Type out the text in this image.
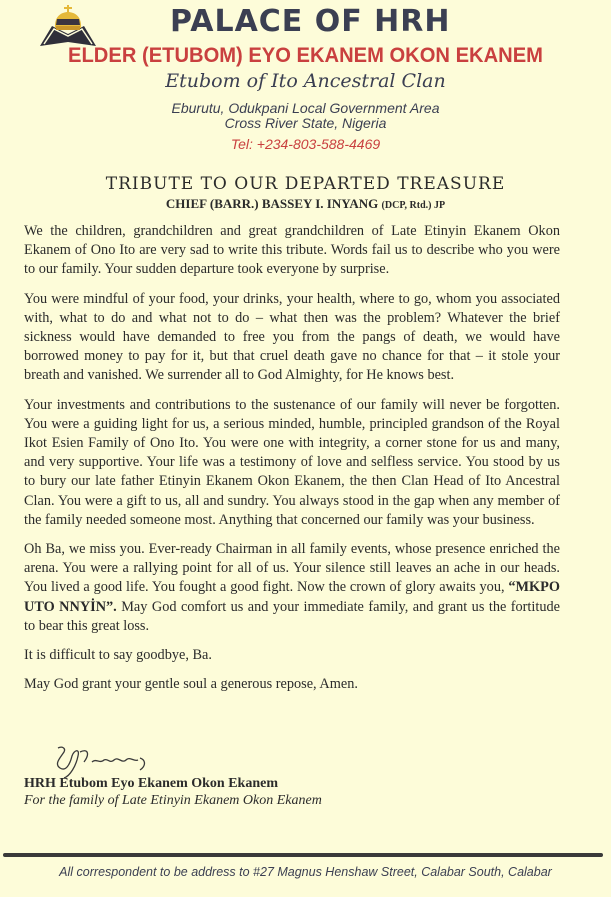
PALACE OF HRH
ELDER (ETUBOM) EYO EKANEM OKON EKANEM
Etubom of Ito Ancestral Clan
Eburutu, Odukpani Local Government Area
Cross River State, Nigeria
Tel: +234-803-588-4469
TRIBUTE TO OUR DEPARTED TREASURE
CHIEF (BARR.) BASSEY I. INYANG (DCP, Rtd.) JP

We the children, grandchildren and great grandchildren of Late Etinyin Ekanem Okon Ekanem of Ono Ito are very sad to write this tribute. Words fail us to describe who you were to our family. Your sudden departure took everyone by surprise.

You were mindful of your food, your drinks, your health, where to go, whom you associated with, what to do and what not to do – what then was the problem? Whatever the brief sickness would have demanded to free you from the pangs of death, we would have borrowed money to pay for it, but that cruel death gave no chance for that – it stole your breath and vanished. We surrender all to God Almighty, for He knows best.

Your investments and contributions to the sustenance of our family will never be forgotten. You were a guiding light for us, a serious minded, humble, principled grandson of the Royal Ikot Esien Family of Ono Ito. You were one with integrity, a corner stone for us and many, and very supportive. Your life was a testimony of love and selfless service. You stood by us to bury our late father Etinyin Ekanem Okon Ekanem, the then Clan Head of Ito Ancestral Clan. You were a gift to us, all and sundry. You always stood in the gap when any member of the family needed someone most. Anything that concerned our family was your business.

Oh Ba, we miss you. Ever-ready Chairman in all family events, whose presence enriched the arena. You were a rallying point for all of us. Your silence still leaves an ache in our heads. You lived a good life. You fought a good fight. Now the crown of glory awaits you, “MKPO UTO NNYİN”. May God comfort us and your immediate family, and grant us the fortitude to bear this great loss.

It is difficult to say goodbye, Ba.

May God grant your gentle soul a generous repose, Amen.

HRH Etubom Eyo Ekanem Okon Ekanem
For the family of Late Etinyin Ekanem Okon Ekanem
All correspondent to be address to #27 Magnus Henshaw Street, Calabar South, Calabar
